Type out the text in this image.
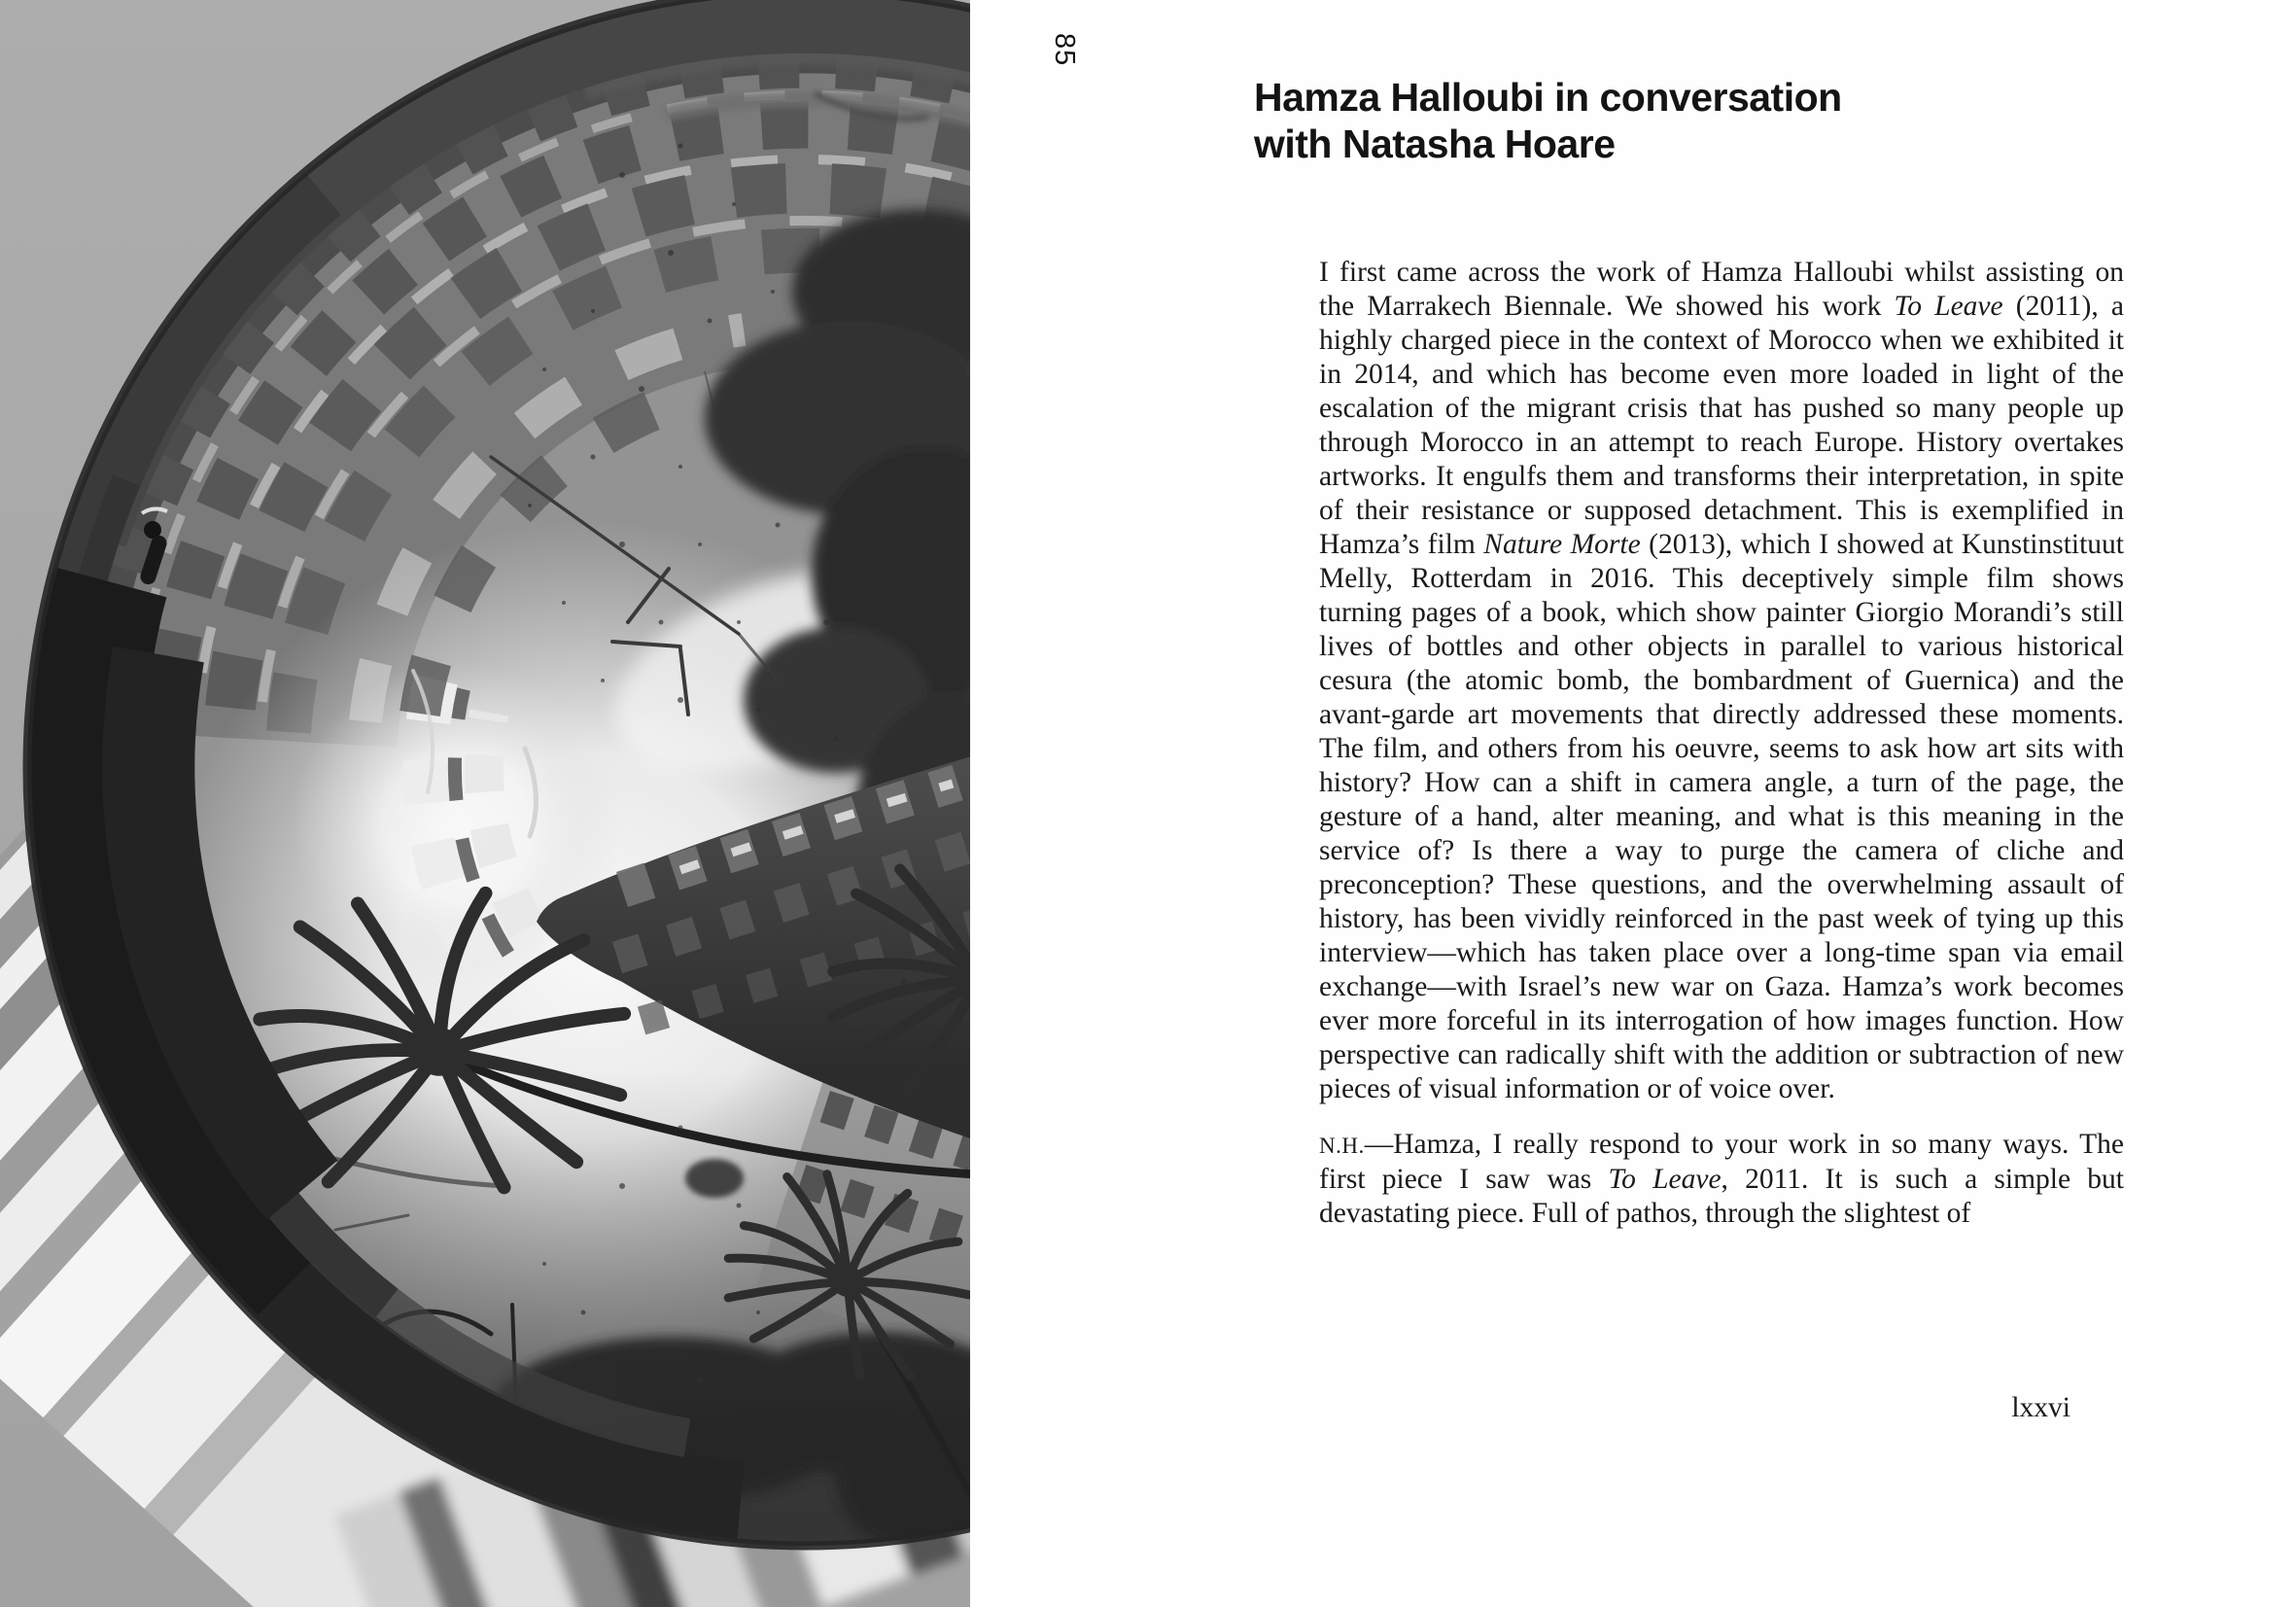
85
Hamza Halloubi in conversation
with Natasha Hoare

I first came across the work of Hamza Halloubi whilst assisting on the Marrakech Biennale. We showed his work To Leave (2011), a highly charged piece in the context of Morocco when we exhibited it in 2014, and which has become even more loaded in light of the escalation of the migrant crisis that has pushed so many people up through Morocco in an attempt to reach Europe. History overtakes artworks. It engulfs them and transforms their interpretation, in spite of their resistance or supposed detachment. This is exemplified in Hamza’s film Nature Morte (2013), which I showed at Kunstinstituut Melly, Rotterdam in 2016. This deceptively simple film shows turning pages of a book, which show painter Giorgio Morandi’s still lives of bottles and other objects in parallel to various historical cesura (the atomic bomb, the bombardment of Guernica) and the avant-garde art movements that directly addressed these moments. The film, and others from his oeuvre, seems to ask how art sits with history? How can a shift in camera angle, a turn of the page, the gesture of a hand, alter meaning, and what is this meaning in the service of? Is there a way to purge the camera of cliche and preconception? These questions, and the overwhelming assault of history, has been vividly reinforced in the past week of tying up this interview—which has taken place over a long-time span via email exchange—with Israel’s new war on Gaza. Hamza’s work becomes ever more forceful in its interrogation of how images function. How perspective can radically shift with the addition or subtraction of new pieces of visual information or of voice over.

N.H.—Hamza, I really respond to your work in so many ways. The first piece I saw was To Leave, 2011. It is such a simple but devastating piece. Full of pathos, through the slightest of

lxxvi
